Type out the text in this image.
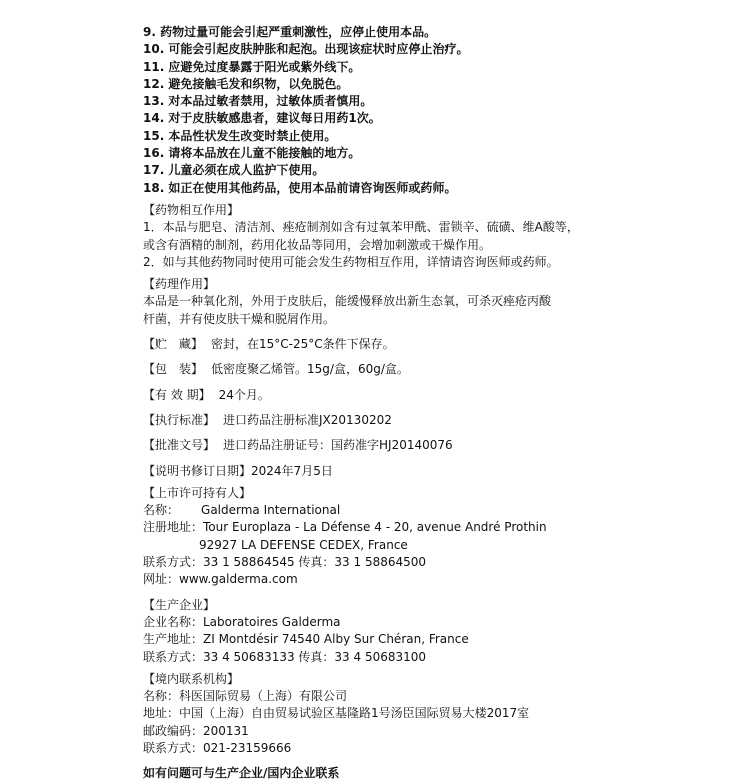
9. 药物过量可能会引起严重刺激性，应停止使用本品。
10. 可能会引起皮肤肿胀和起泡。出现该症状时应停止治疗。
11. 应避免过度暴露于阳光或紫外线下。
12. 避免接触毛发和织物，以免脱色。
13. 对本品过敏者禁用，过敏体质者慎用。
14. 对于皮肤敏感患者，建议每日用药1次。
15. 本品性状发生改变时禁止使用。
16. 请将本品放在儿童不能接触的地方。
17. 儿童必须在成人监护下使用。
18. 如正在使用其他药品，使用本品前请咨询医师或药师。
【药物相互作用】
1．本品与肥皂、清洁剂、痤疮制剂如含有过氧苯甲酰、雷锁辛、硫磺、维A酸等，
或含有酒精的制剂，药用化妆品等同用，会增加刺激或干燥作用。
2．如与其他药物同时使用可能会发生药物相互作用，详情请咨询医师或药师。
【药理作用】
本品是一种氧化剂，外用于皮肤后，能缓慢释放出新生态氧，可杀灭痤疮丙酸
杆菌，并有使皮肤干燥和脱屑作用。
【贮　藏】 密封，在15°C-25°C条件下保存。
【包　装】 低密度聚乙烯管。15g/盒，60g/盒。
【有 效 期】 24个月。
【执行标准】 进口药品注册标准JX20130202
【批准文号】 进口药品注册证号：国药准字HJ20140076
【说明书修订日期】2024年7月5日
【上市许可持有人】
名称： Galderma International
注册地址：Tour Europlaza - La Défense 4 - 20, avenue André Prothin
92927 LA DEFENSE CEDEX, France
联系方式：33 1 58864545 传真：33 1 58864500
网址：www.galderma.com
【生产企业】
企业名称：Laboratoires Galderma
生产地址：ZI Montdésir 74540 Alby Sur Chéran, France
联系方式：33 4 50683133 传真：33 4 50683100
【境内联系机构】
名称：科医国际贸易（上海）有限公司
地址：中国（上海）自由贸易试验区基隆路1号汤臣国际贸易大楼2017室
邮政编码：200131
联系方式：021-23159666
如有问题可与生产企业/国内企业联系
